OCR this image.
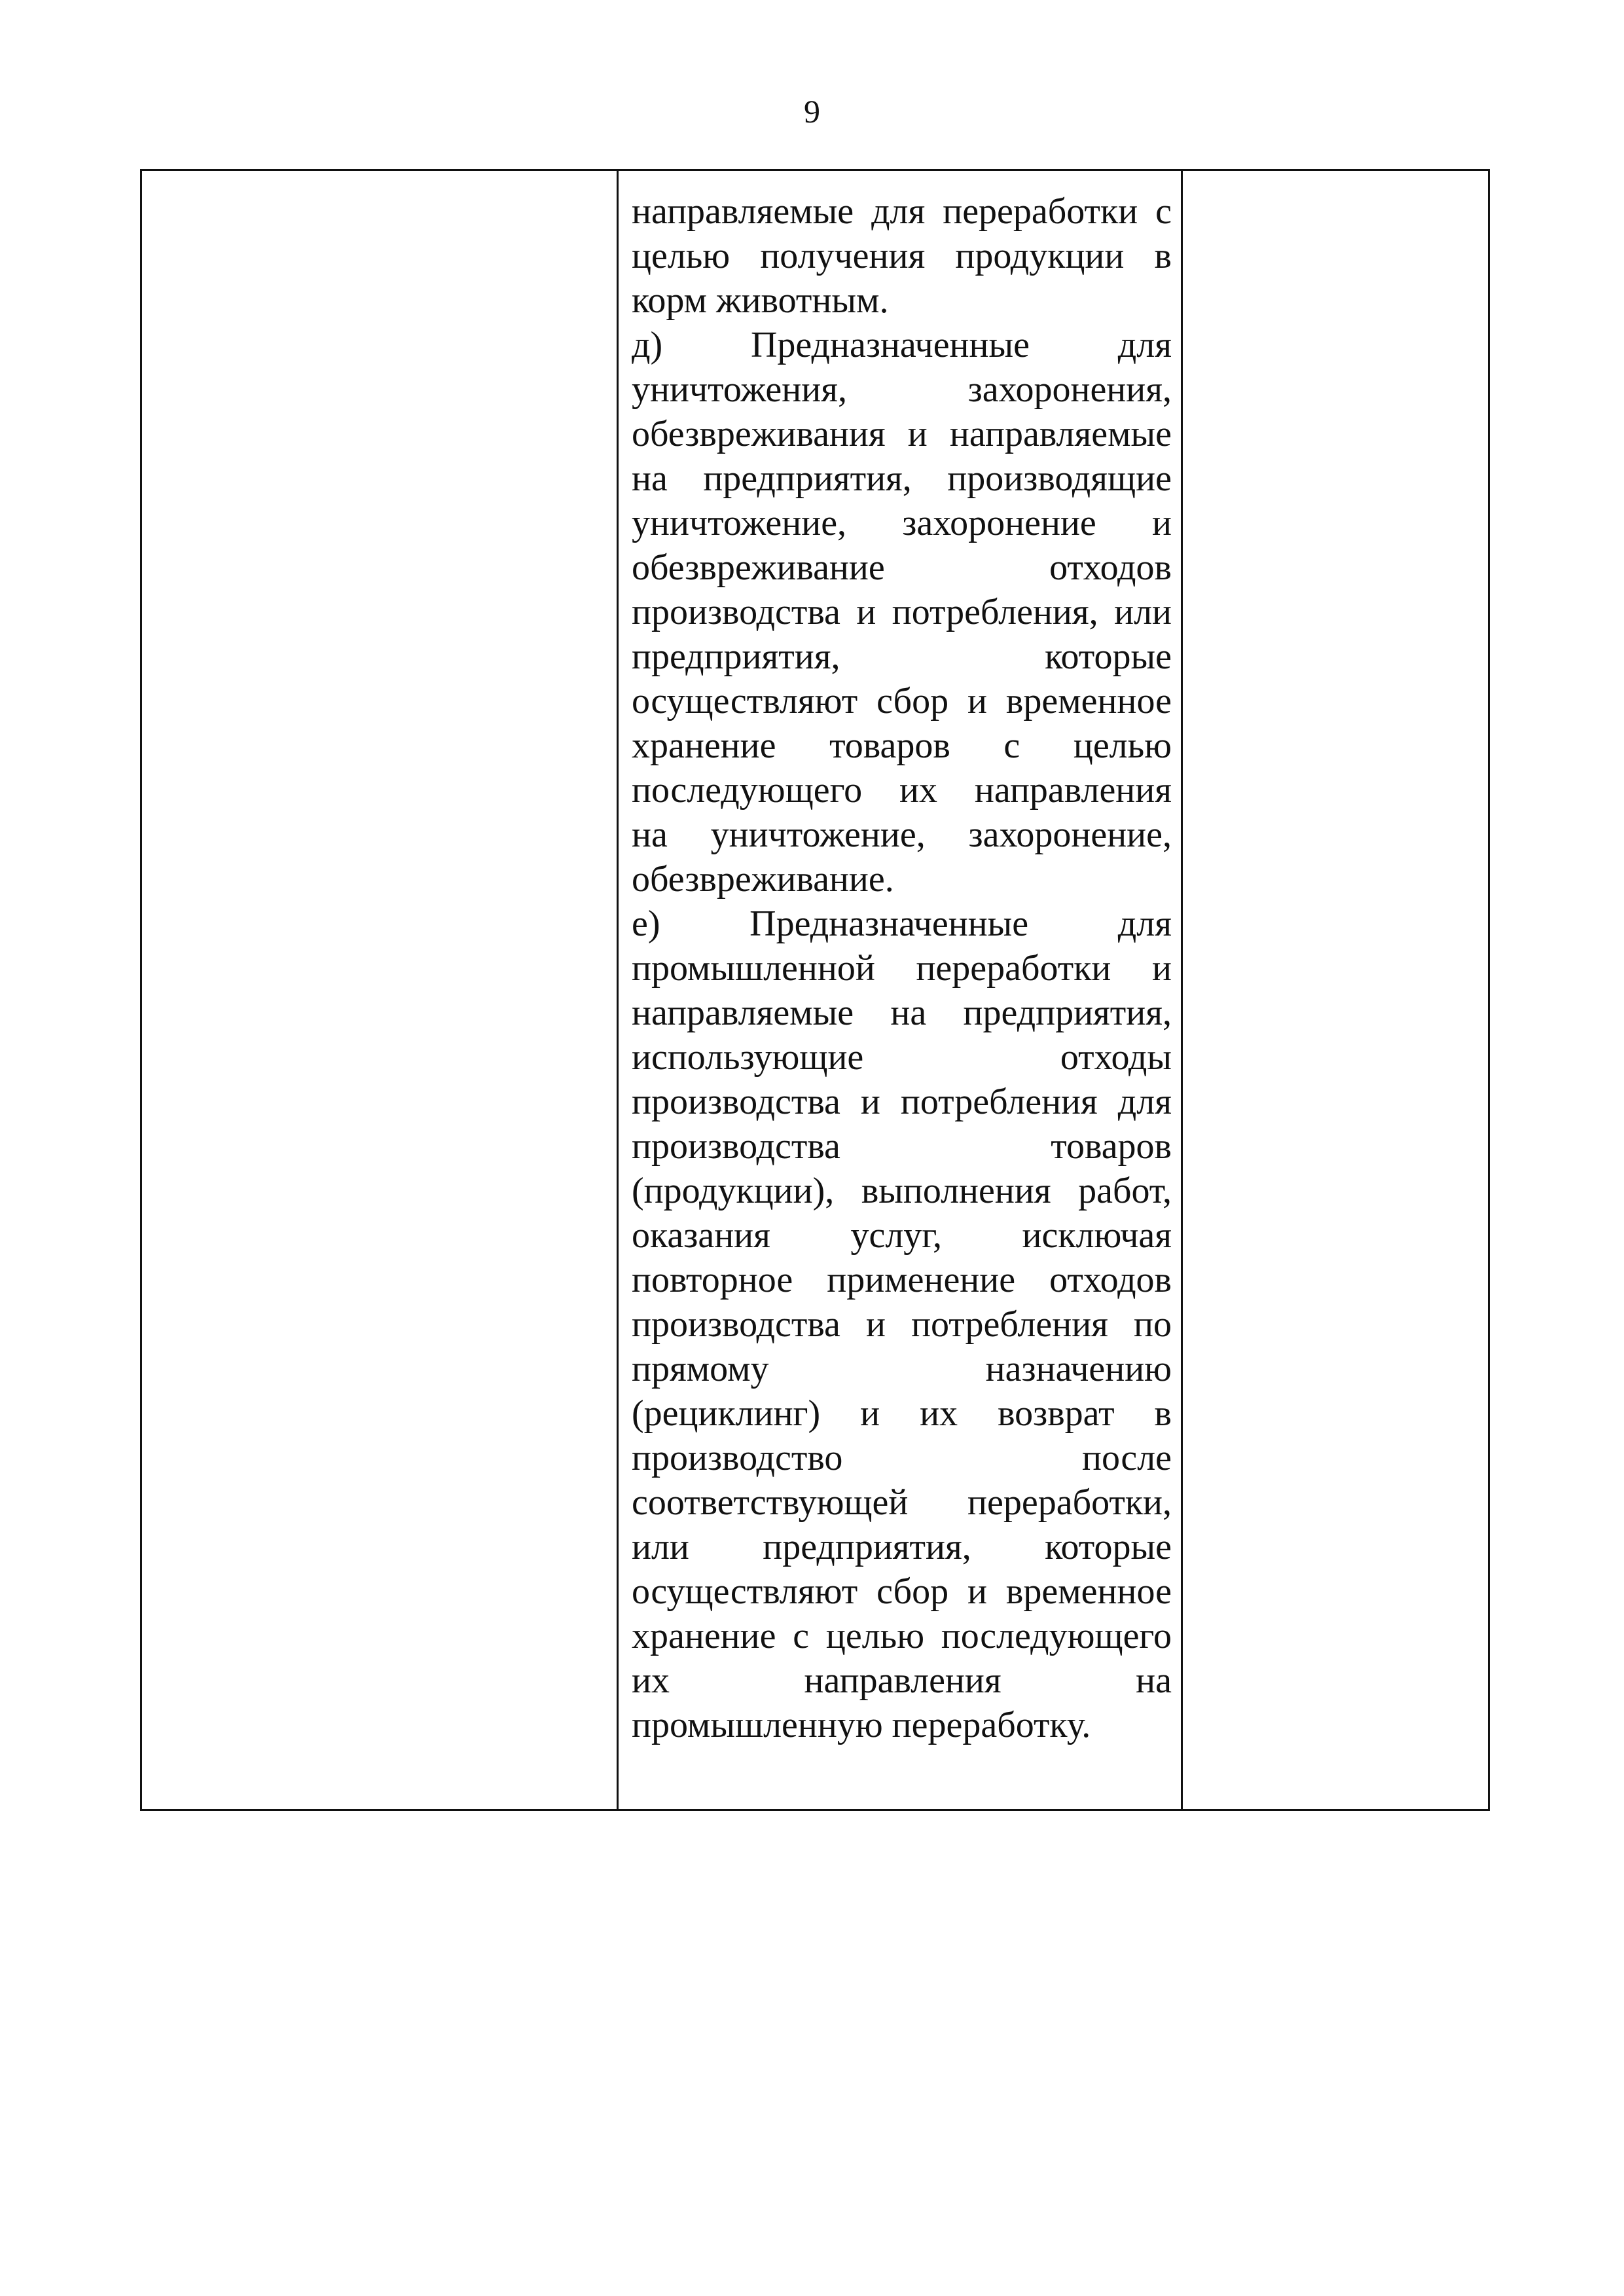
9
направляемые для переработки с
целью получения продукции в
корм животным.
д) Предназначенные для
уничтожения, захоронения,
обезвреживания и направляемые
на предприятия, производящие
уничтожение, захоронение и
обезвреживание отходов
производства и потребления, или
предприятия, которые
осуществляют сбор и временное
хранение товаров с целью
последующего их направления
на уничтожение, захоронение,
обезвреживание.
е) Предназначенные для
промышленной переработки и
направляемые на предприятия,
использующие отходы
производства и потребления для
производства товаров
(продукции), выполнения работ,
оказания услуг, исключая
повторное применение отходов
производства и потребления по
прямому назначению
(рециклинг) и их возврат в
производство после
соответствующей переработки,
или предприятия, которые
осуществляют сбор и временное
хранение с целью последующего
их направления на
промышленную переработку.
